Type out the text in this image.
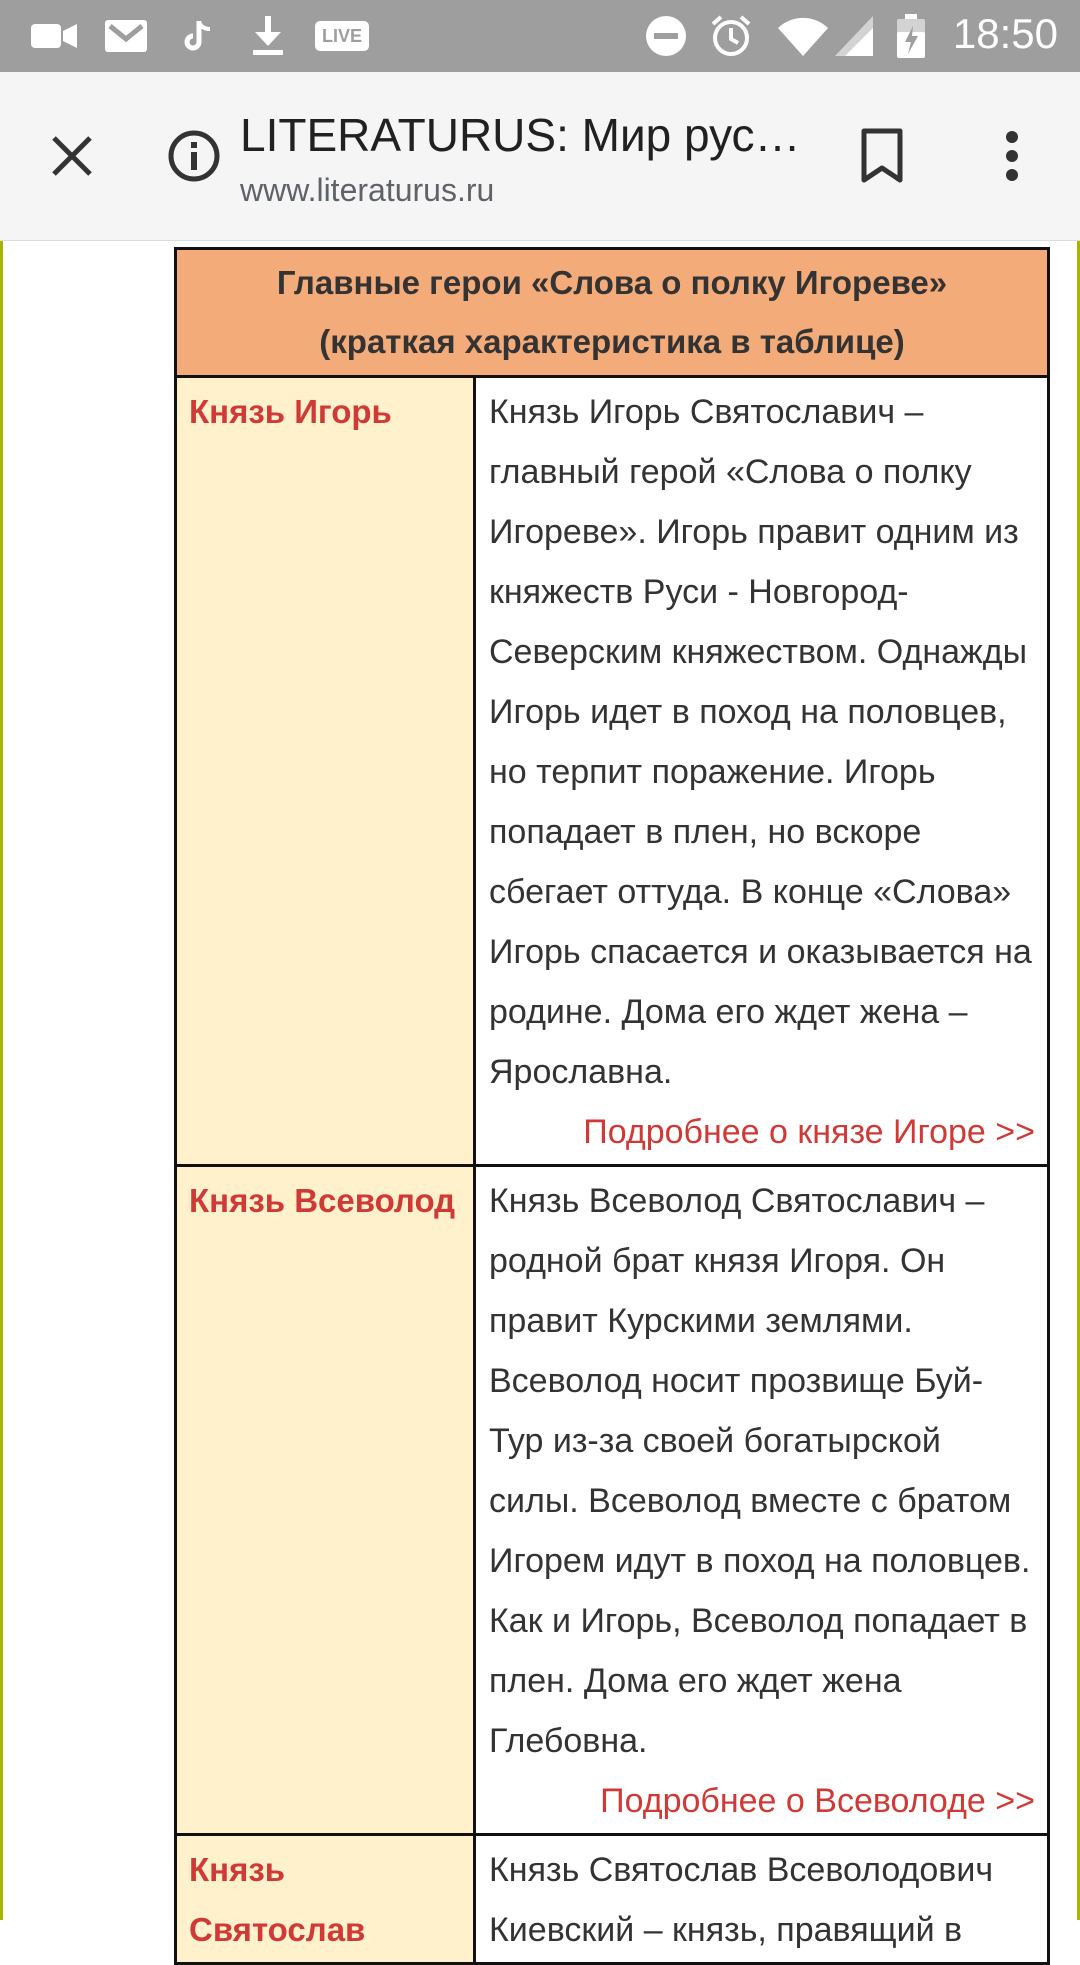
LIVE	18:50
LITERATURUS: Мир рус…
www.literaturus.ru
Главные герои «Слова о полку Игореве»
(краткая характеристика в таблице)
Князь Игорь	Князь Игорь Святославич – главный герой «Слова о полку Игореве». Игорь правит одним из княжеств Руси - Новгород-Северским княжеством. Однажды Игорь идет в поход на половцев, но терпит поражение. Игорь попадает в плен, но вскоре сбегает оттуда. В конце «Слова» Игорь спасается и оказывается на родине. Дома его ждет жена – Ярославна.
Подробнее о князе Игоре >>
Князь Всеволод Князь Всеволод Святославич – родной брат князя Игоря. Он правит Курскими землями. Всеволод носит прозвище Буй-Тур из-за своей богатырской силы. Всеволод вместе с братом Игорем идут в поход на половцев. Как и Игорь, Всеволод попадает в плен. Дома его ждет жена Глебовна.
Подробнее о Всеволоде >>
Князь Святослав
Князь Святослав Всеволодович Киевский – князь, правящий в
